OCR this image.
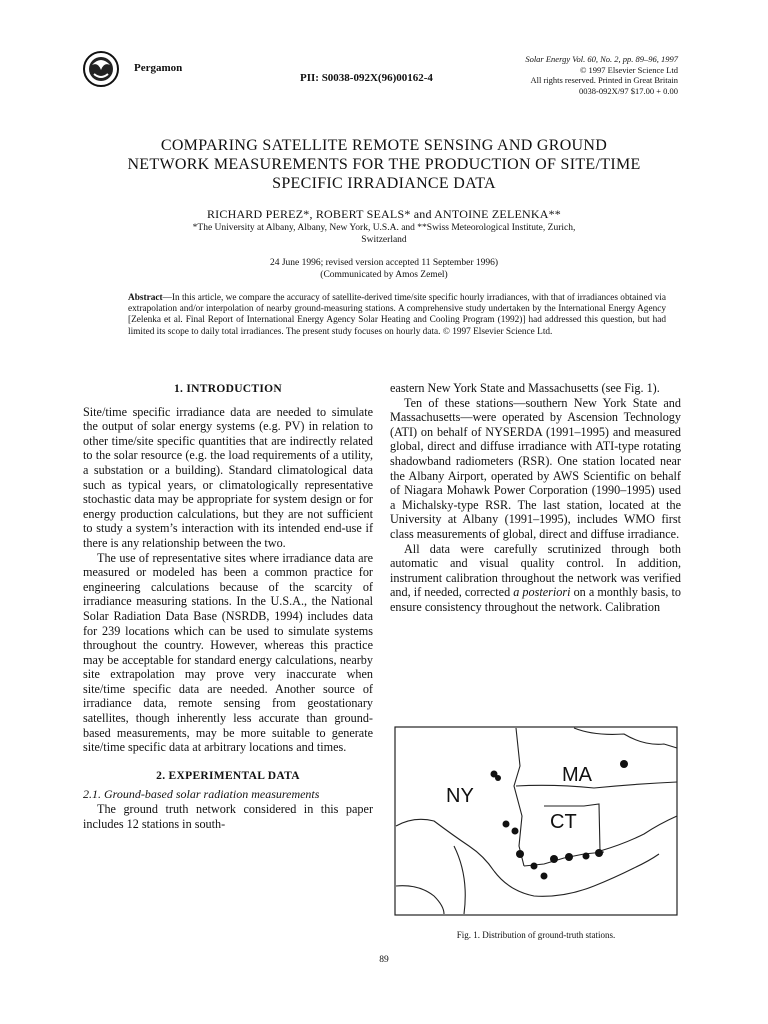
Pergamon
PII: S0038-092X(96)00162-4
Solar Energy Vol. 60, No. 2, pp. 89–96, 1997
© 1997 Elsevier Science Ltd
All rights reserved. Printed in Great Britain
0038-092X/97 $17.00 + 0.00
COMPARING SATELLITE REMOTE SENSING AND GROUND
NETWORK MEASUREMENTS FOR THE PRODUCTION OF SITE/TIME
SPECIFIC IRRADIANCE DATA
RICHARD PEREZ*, ROBERT SEALS* and ANTOINE ZELENKA**
*The University at Albany, Albany, New York, U.S.A. and **Swiss Meteorological Institute, Zurich,
Switzerland
24 June 1996; revised version accepted 11 September 1996)
(Communicated by Amos Zemel)
Abstract—In this article, we compare the accuracy of satellite-derived time/site specific hourly irradiances, with that of irradiances obtained via extrapolation and/or interpolation of nearby ground-measuring stations. A comprehensive study undertaken by the International Energy Agency [Zelenka et al. Final Report of International Energy Agency Solar Heating and Cooling Program (1992)] had addressed this question, but had limited its scope to daily total irradiances. The present study focuses on hourly data. © 1997 Elsevier Science Ltd.
1. INTRODUCTION

Site/time specific irradiance data are needed to simulate the output of solar energy systems (e.g. PV) in relation to other time/site specific quantities that are indirectly related to the solar resource (e.g. the load requirements of a utility, a substation or a building). Standard climatological data such as typical years, or climatologically representative stochastic data may be appropriate for system design or for energy production calculations, but they are not sufficient to study a system’s interaction with its intended end-use if there is any relationship between the two.

The use of representative sites where irradiance data are measured or modeled has been a common practice for engineering calculations because of the scarcity of irradiance measuring stations. In the U.S.A., the National Solar Radiation Data Base (NSRDB, 1994) includes data for 239 locations which can be used to simulate systems throughout the country. However, whereas this practice may be acceptable for standard energy calculations, nearby site extrapolation may prove very inaccurate when site/time specific data are needed. Another source of irradiance data, remote sensing from geostationary satellites, though inherently less accurate than ground-based measurements, may be more suitable to generate site/time specific data at arbitrary locations and times.

2. EXPERIMENTAL DATA
2.1. Ground-based solar radiation measurements

The ground truth network considered in this paper includes 12 stations in south-

eastern New York State and Massachusetts (see Fig. 1).

Ten of these stations—southern New York State and Massachusetts—were operated by Ascension Technology (ATI) on behalf of NYSERDA (1991–1995) and measured global, direct and diffuse irradiance with ATI-type rotating shadowband radiometers (RSR). One station located near the Albany Airport, operated by AWS Scientific on behalf of Niagara Mohawk Power Corporation (1990–1995) used a Michalsky-type RSR. The last station, located at the University at Albany (1991–1995), includes WMO first class measurements of global, direct and diffuse irradiance.

All data were carefully scrutinized through both automatic and visual quality control. In addition, instrument calibration throughout the network was verified and, if needed, corrected a posteriori on a monthly basis, to ensure consistency throughout the network. Calibration

NY
MA
CT
Fig. 1. Distribution of ground-truth stations.
89
